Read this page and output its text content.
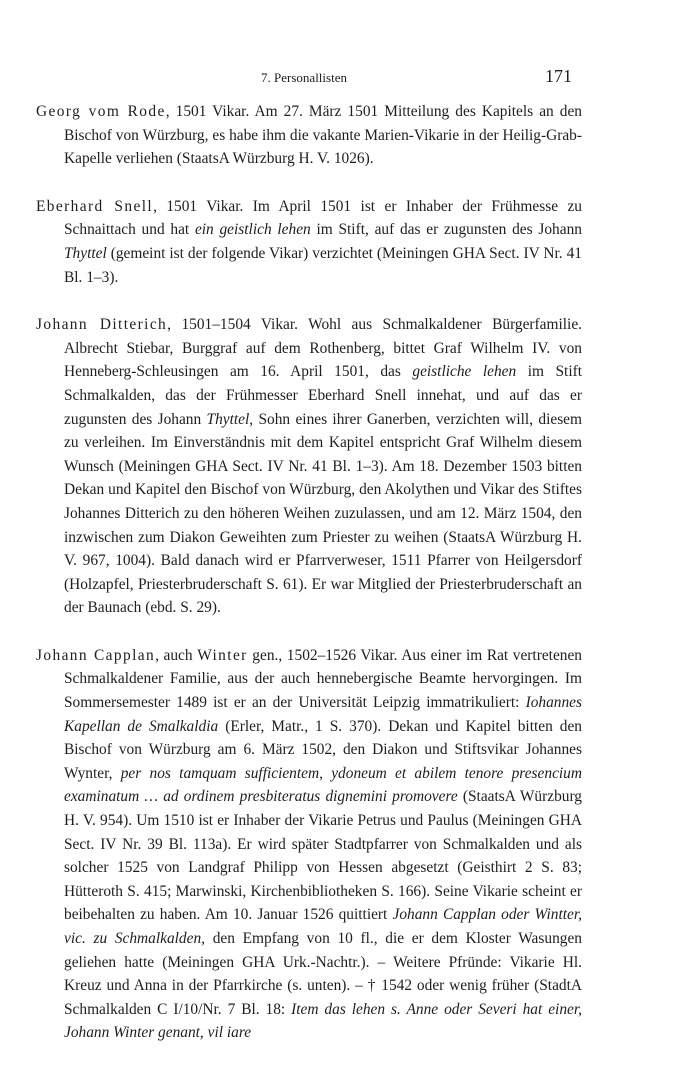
7. Personallisten	171

Georg vom Rode, 1501 Vikar. Am 27. März 1501 Mitteilung des Kapitels an den Bischof von Würzburg, es habe ihm die vakante Marien-Vikarie in der Heilig-Grab-Kapelle verliehen (StaatsA Würzburg H. V. 1026).

Eberhard Snell, 1501 Vikar. Im April 1501 ist er Inhaber der Frühmesse zu Schnaittach und hat ein geistlich lehen im Stift, auf das er zugunsten des Johann Thyttel (gemeint ist der folgende Vikar) verzichtet (Meiningen GHA Sect. IV Nr. 41 Bl. 1–3).

Johann Ditterich, 1501–1504 Vikar. Wohl aus Schmalkaldener Bürgerfamilie. Albrecht Stiebar, Burggraf auf dem Rothenberg, bittet Graf Wilhelm IV. von Henneberg-Schleusingen am 16. April 1501, das geistliche lehen im Stift Schmalkalden, das der Frühmesser Eberhard Snell innehat, und auf das er zugunsten des Johann Thyttel, Sohn eines ihrer Ganerben, verzichten will, diesem zu verleihen. Im Einverständnis mit dem Kapitel entspricht Graf Wilhelm diesem Wunsch (Meiningen GHA Sect. IV Nr. 41 Bl. 1–3). Am 18. Dezember 1503 bitten Dekan und Kapitel den Bischof von Würzburg, den Akolythen und Vikar des Stiftes Johannes Ditterich zu den höheren Weihen zuzulassen, und am 12. März 1504, den inzwischen zum Diakon Geweihten zum Priester zu weihen (StaatsA Würzburg H. V. 967, 1004). Bald danach wird er Pfarrverweser, 1511 Pfarrer von Heilgersdorf (Holzapfel, Priesterbruderschaft S. 61). Er war Mitglied der Priesterbruderschaft an der Baunach (ebd. S. 29).

Johann Capplan, auch Winter gen., 1502–1526 Vikar. Aus einer im Rat vertretenen Schmalkaldener Familie, aus der auch hennebergische Beamte hervorgingen. Im Sommersemester 1489 ist er an der Universität Leipzig immatrikuliert: Iohannes Kapellan de Smalkaldia (Erler, Matr., 1 S. 370). Dekan und Kapitel bitten den Bischof von Würzburg am 6. März 1502, den Diakon und Stiftsvikar Johannes Wynter, per nos tamquam sufficientem, ydoneum et abilem tenore presencium examinatum … ad ordinem presbiteratus dignemini promovere (StaatsA Würzburg H. V. 954). Um 1510 ist er Inhaber der Vikarie Petrus und Paulus (Meiningen GHA Sect. IV Nr. 39 Bl. 113a). Er wird später Stadtpfarrer von Schmalkalden und als solcher 1525 von Landgraf Philipp von Hessen abgesetzt (Geisthirt 2 S. 83; Hütteroth S. 415; Marwinski, Kirchenbibliotheken S. 166). Seine Vikarie scheint er beibehalten zu haben. Am 10. Januar 1526 quittiert Johann Capplan oder Wintter, vic. zu Schmalkalden, den Empfang von 10 fl., die er dem Kloster Wasungen geliehen hatte (Meiningen GHA Urk.-Nachtr.). – Weitere Pfründe: Vikarie Hl. Kreuz und Anna in der Pfarrkirche (s. unten). – † 1542 oder wenig früher (StadtA Schmalkalden C I/10/Nr. 7 Bl. 18: Item das lehen s. Anne oder Severi hat einer, Johann Winter genant, vil iare
